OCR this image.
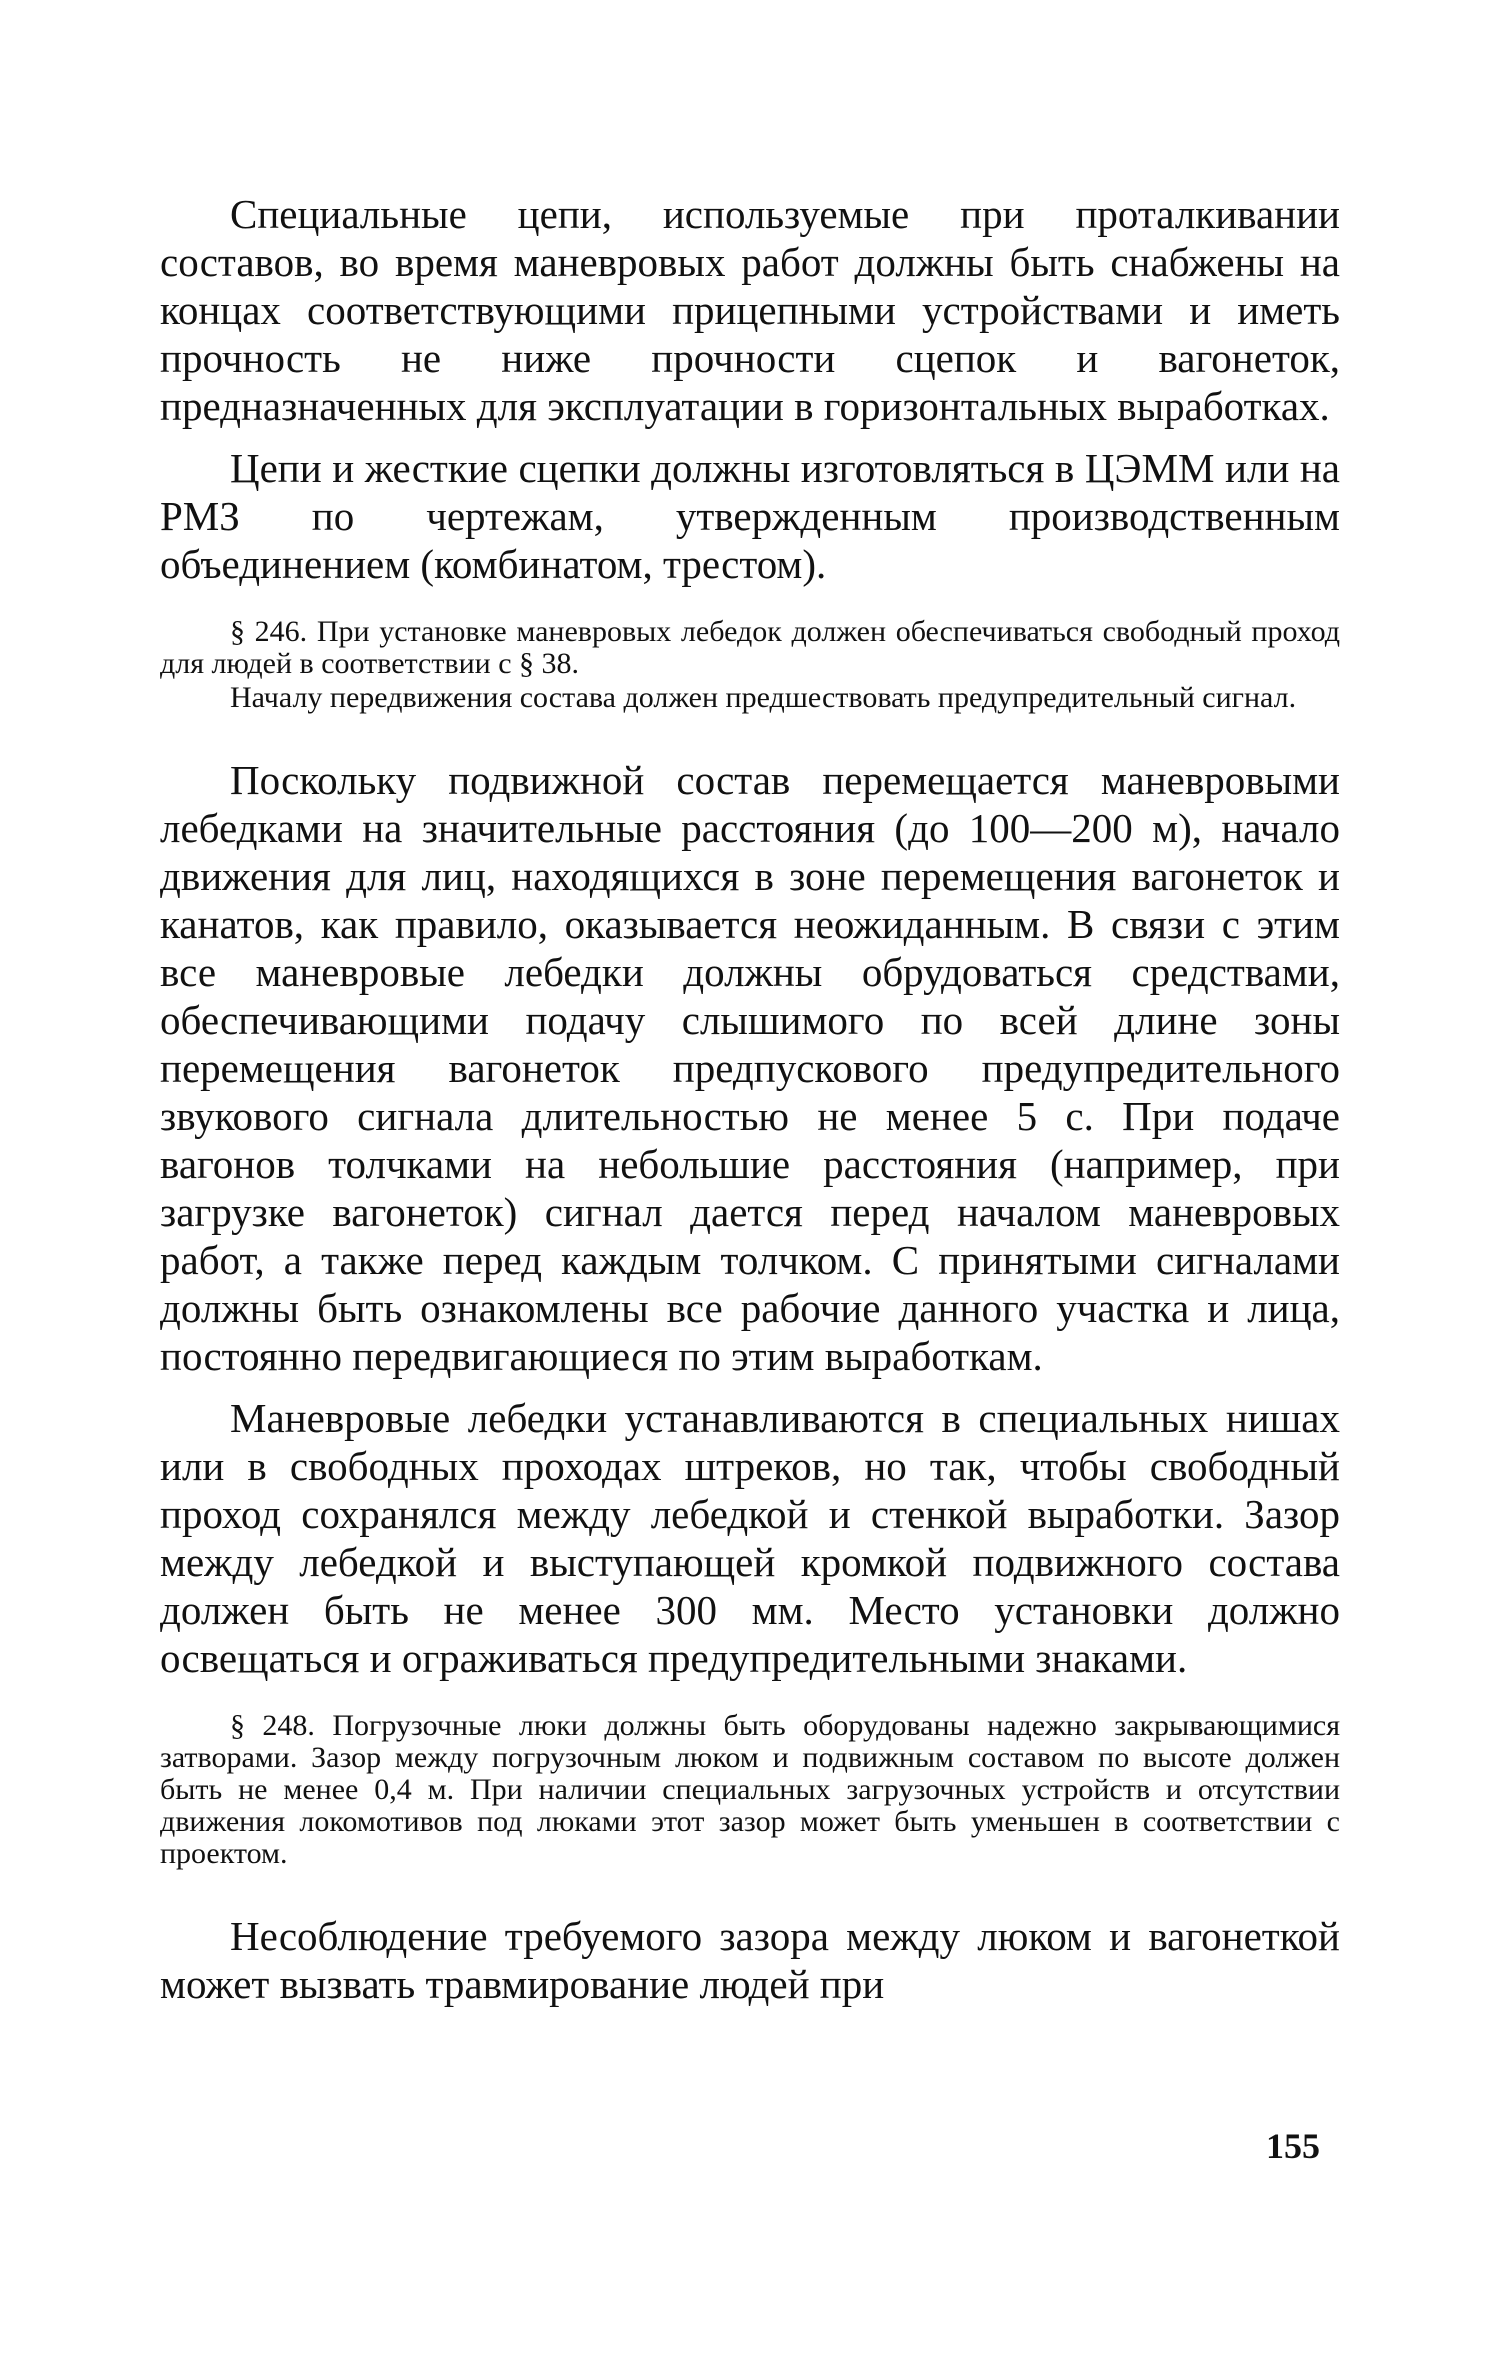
Специальные цепи, используемые при проталкивании составов, во время маневровых работ должны быть снабжены на концах соответствующими прицепными устройствами и иметь прочность не ниже прочности сцепок и вагонеток, предназначенных для эксплуатации в горизонтальных выработках.

Цепи и жесткие сцепки должны изготовляться в ЦЭММ или на РМЗ по чертежам, утвержденным производственным объединением (комбинатом, трестом).

§ 246. При установке маневровых лебедок должен обеспечиваться свободный проход для людей в соответствии с § 38.

Началу передвижения состава должен предшествовать предупредительный сигнал.

Поскольку подвижной состав перемещается маневровыми лебедками на значительные расстояния (до 100—200 м), начало движения для лиц, находящихся в зоне перемещения вагонеток и канатов, как правило, оказывается неожиданным. В связи с этим все маневровые лебедки должны обрудоваться средствами, обеспечивающими подачу слышимого по всей длине зоны перемещения вагонеток предпускового предупредительного звукового сигнала длительностью не менее 5 с. При подаче вагонов толчками на небольшие расстояния (например, при загрузке вагонеток) сигнал дается перед началом маневровых работ, а также перед каждым толчком. С принятыми сигналами должны быть ознакомлены все рабочие данного участка и лица, постоянно передвигающиеся по этим выработкам.

Маневровые лебедки устанавливаются в специальных нишах или в свободных проходах штреков, но так, чтобы свободный проход сохранялся между лебедкой и стенкой выработки. Зазор между лебедкой и выступающей кромкой подвижного состава должен быть не менее 300 мм. Место установки должно освещаться и ограживаться предупредительными знаками.

§ 248. Погрузочные люки должны быть оборудованы надежно закрывающимися затворами. Зазор между погрузочным люком и подвижным составом по высоте должен быть не менее 0,4 м. При наличии специальных загрузочных устройств и отсутствии движения локомотивов под люками этот зазор может быть уменьшен в соответствии с проектом.

Несоблюдение требуемого зазора между люком и вагонеткой может вызвать травмирование людей при

155
